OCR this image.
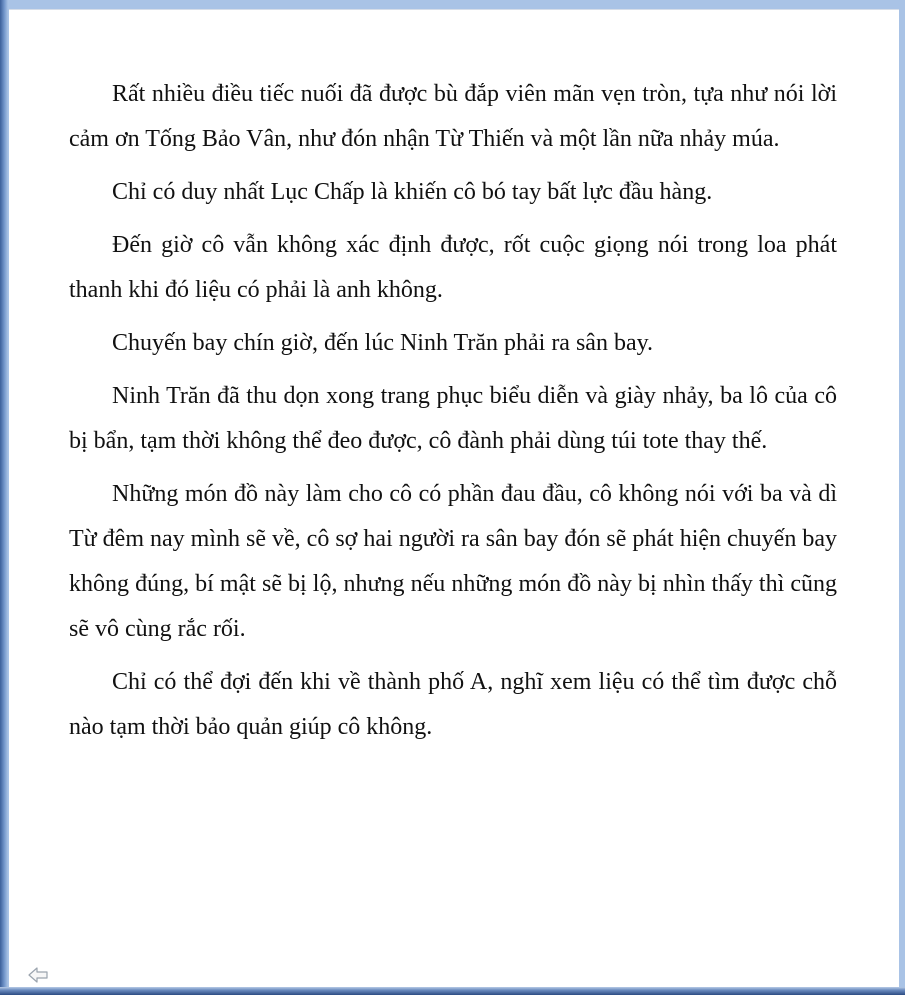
Rất nhiều điều tiếc nuối đã được bù đắp viên mãn vẹn tròn, tựa như nói lời cảm ơn Tống Bảo Vân, như đón nhận Từ Thiến và một lần nữa nhảy múa.

Chỉ có duy nhất Lục Chấp là khiến cô bó tay bất lực đầu hàng.

Đến giờ cô vẫn không xác định được, rốt cuộc giọng nói trong loa phát thanh khi đó liệu có phải là anh không.

Chuyến bay chín giờ, đến lúc Ninh Trăn phải ra sân bay.

Ninh Trăn đã thu dọn xong trang phục biểu diễn và giày nhảy, ba lô của cô bị bẩn, tạm thời không thể đeo được, cô đành phải dùng túi tote thay thế.

Những món đồ này làm cho cô có phần đau đầu, cô không nói với ba và dì Từ đêm nay mình sẽ về, cô sợ hai người ra sân bay đón sẽ phát hiện chuyến bay không đúng, bí mật sẽ bị lộ, nhưng nếu những món đồ này bị nhìn thấy thì cũng sẽ vô cùng rắc rối.

Chỉ có thể đợi đến khi về thành phố A, nghĩ xem liệu có thể tìm được chỗ nào tạm thời bảo quản giúp cô không.
